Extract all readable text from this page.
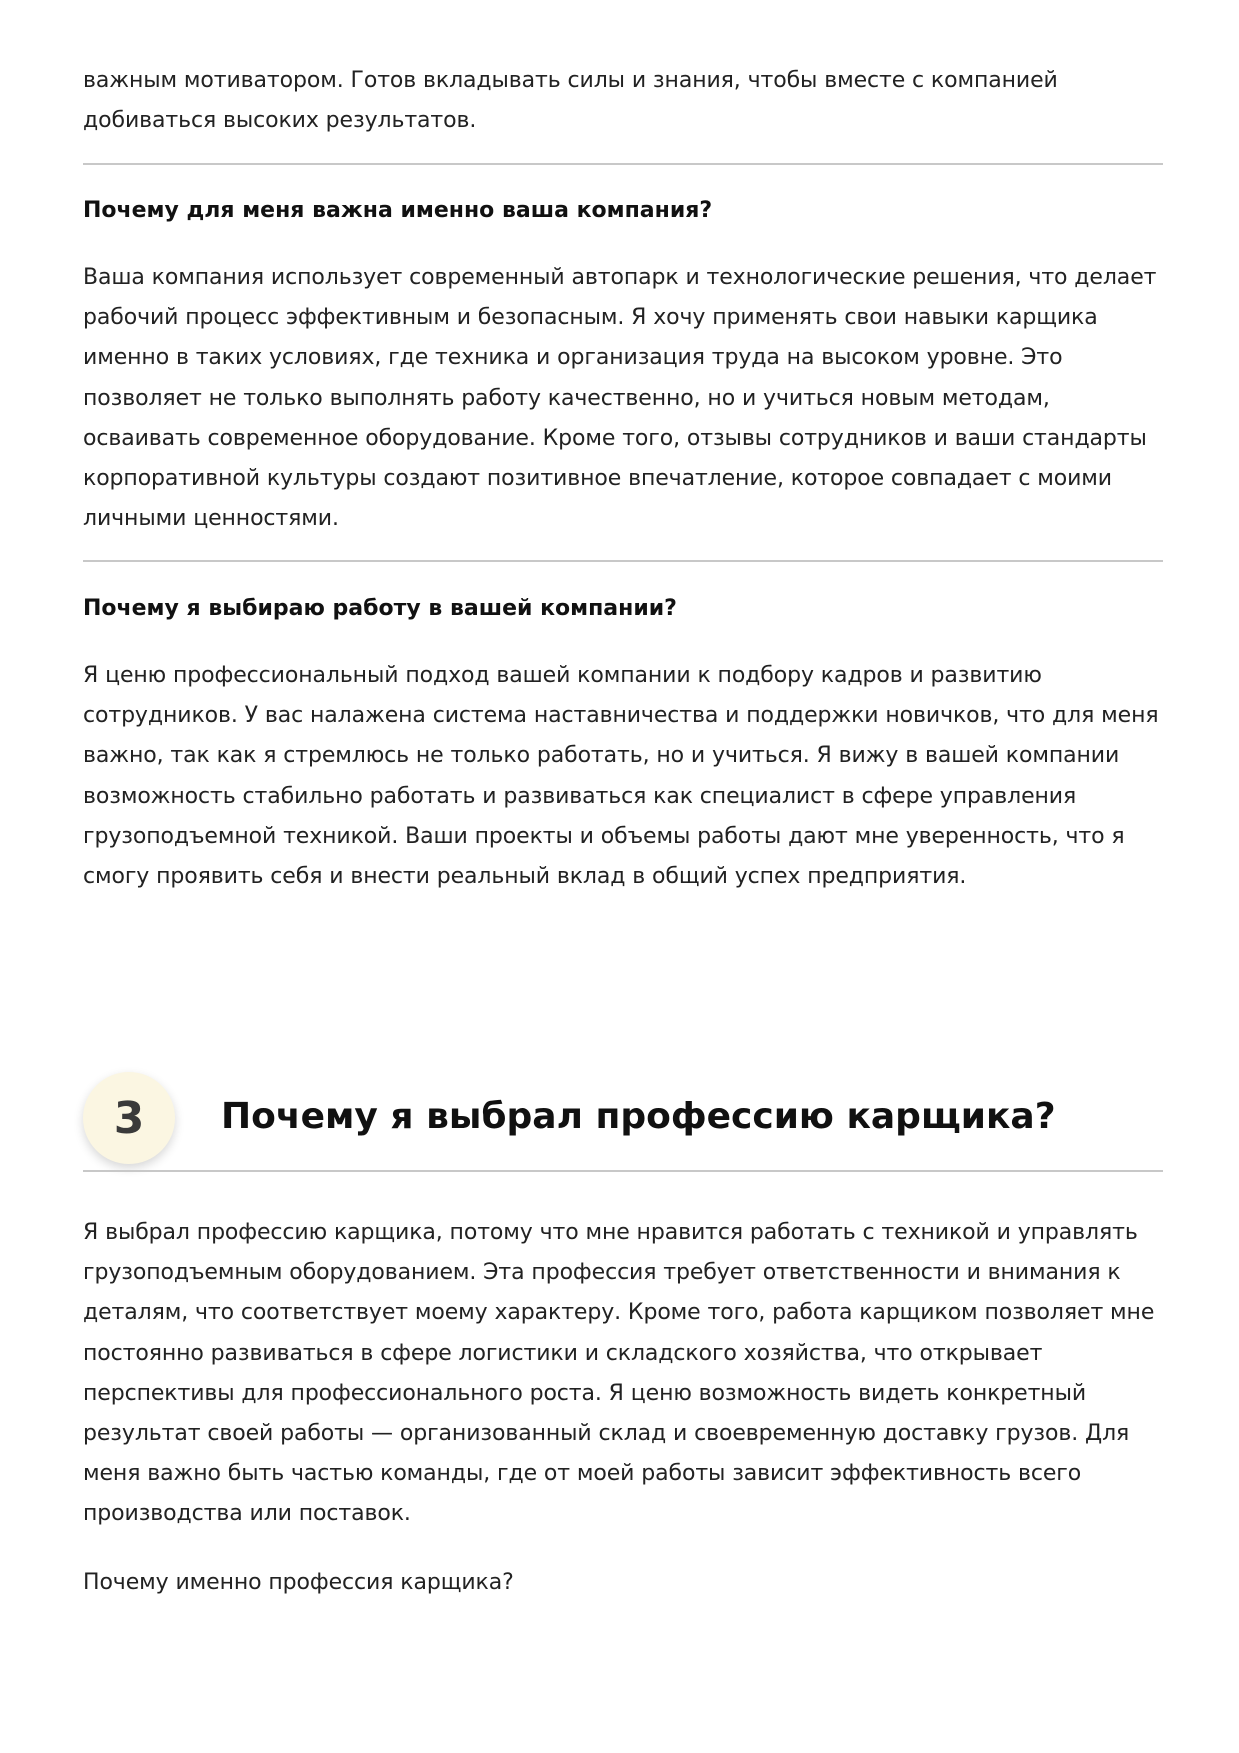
важным мотиватором. Готов вкладывать силы и знания, чтобы вместе с компанией
добиваться высоких результатов.

Почему для меня важна именно ваша компания?

Ваша компания использует современный автопарк и технологические решения, что делает
рабочий процесс эффективным и безопасным. Я хочу применять свои навыки карщика
именно в таких условиях, где техника и организация труда на высоком уровне. Это
позволяет не только выполнять работу качественно, но и учиться новым методам,
осваивать современное оборудование. Кроме того, отзывы сотрудников и ваши стандарты
корпоративной культуры создают позитивное впечатление, которое совпадает с моими
личными ценностями.

Почему я выбираю работу в вашей компании?

Я ценю профессиональный подход вашей компании к подбору кадров и развитию
сотрудников. У вас налажена система наставничества и поддержки новичков, что для меня
важно, так как я стремлюсь не только работать, но и учиться. Я вижу в вашей компании
возможность стабильно работать и развиваться как специалист в сфере управления
грузоподъемной техникой. Ваши проекты и объемы работы дают мне уверенность, что я
смогу проявить себя и внести реальный вклад в общий успех предприятия.

3	Почему я выбрал профессию карщика?

Я выбрал профессию карщика, потому что мне нравится работать с техникой и управлять
грузоподъемным оборудованием. Эта профессия требует ответственности и внимания к
деталям, что соответствует моему характеру. Кроме того, работа карщиком позволяет мне
постоянно развиваться в сфере логистики и складского хозяйства, что открывает
перспективы для профессионального роста. Я ценю возможность видеть конкретный
результат своей работы — организованный склад и своевременную доставку грузов. Для
меня важно быть частью команды, где от моей работы зависит эффективность всего
производства или поставок.

Почему именно профессия карщика?
